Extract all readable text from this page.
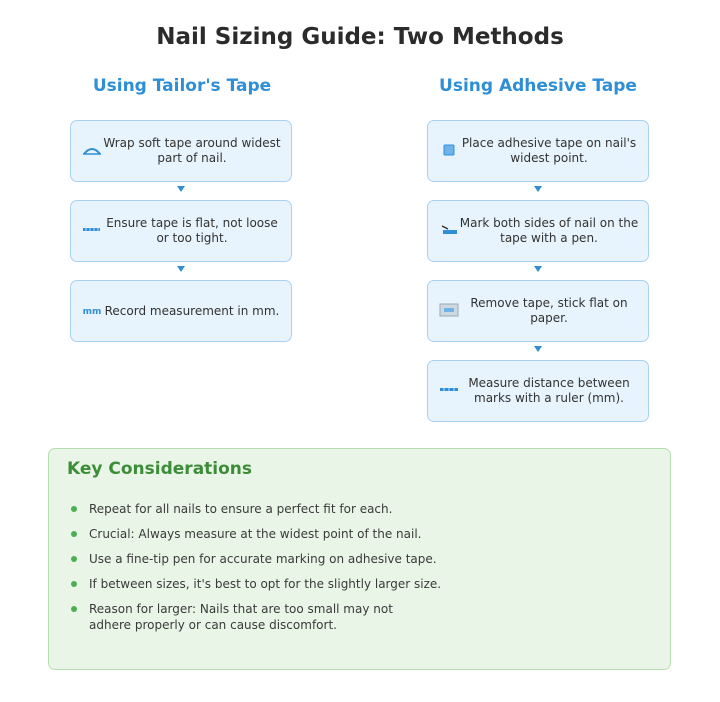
Nail Sizing Guide: Two Methods
Using Tailor's Tape
Wrap soft tape around widest part of nail.
Ensure tape is flat, not loose or too tight.
mm Record measurement in mm.
Using Adhesive Tape
Place adhesive tape on nail's widest point.
Mark both sides of nail on the tape with a pen.
Remove tape, stick flat on paper.
Measure distance between marks with a ruler (mm).
Key Considerations
Repeat for all nails to ensure a perfect fit for each.
Crucial: Always measure at the widest point of the nail.
Use a fine-tip pen for accurate marking on adhesive tape.
If between sizes, it's best to opt for the slightly larger size.
Reason for larger: Nails that are too small may not adhere properly or can cause discomfort.
